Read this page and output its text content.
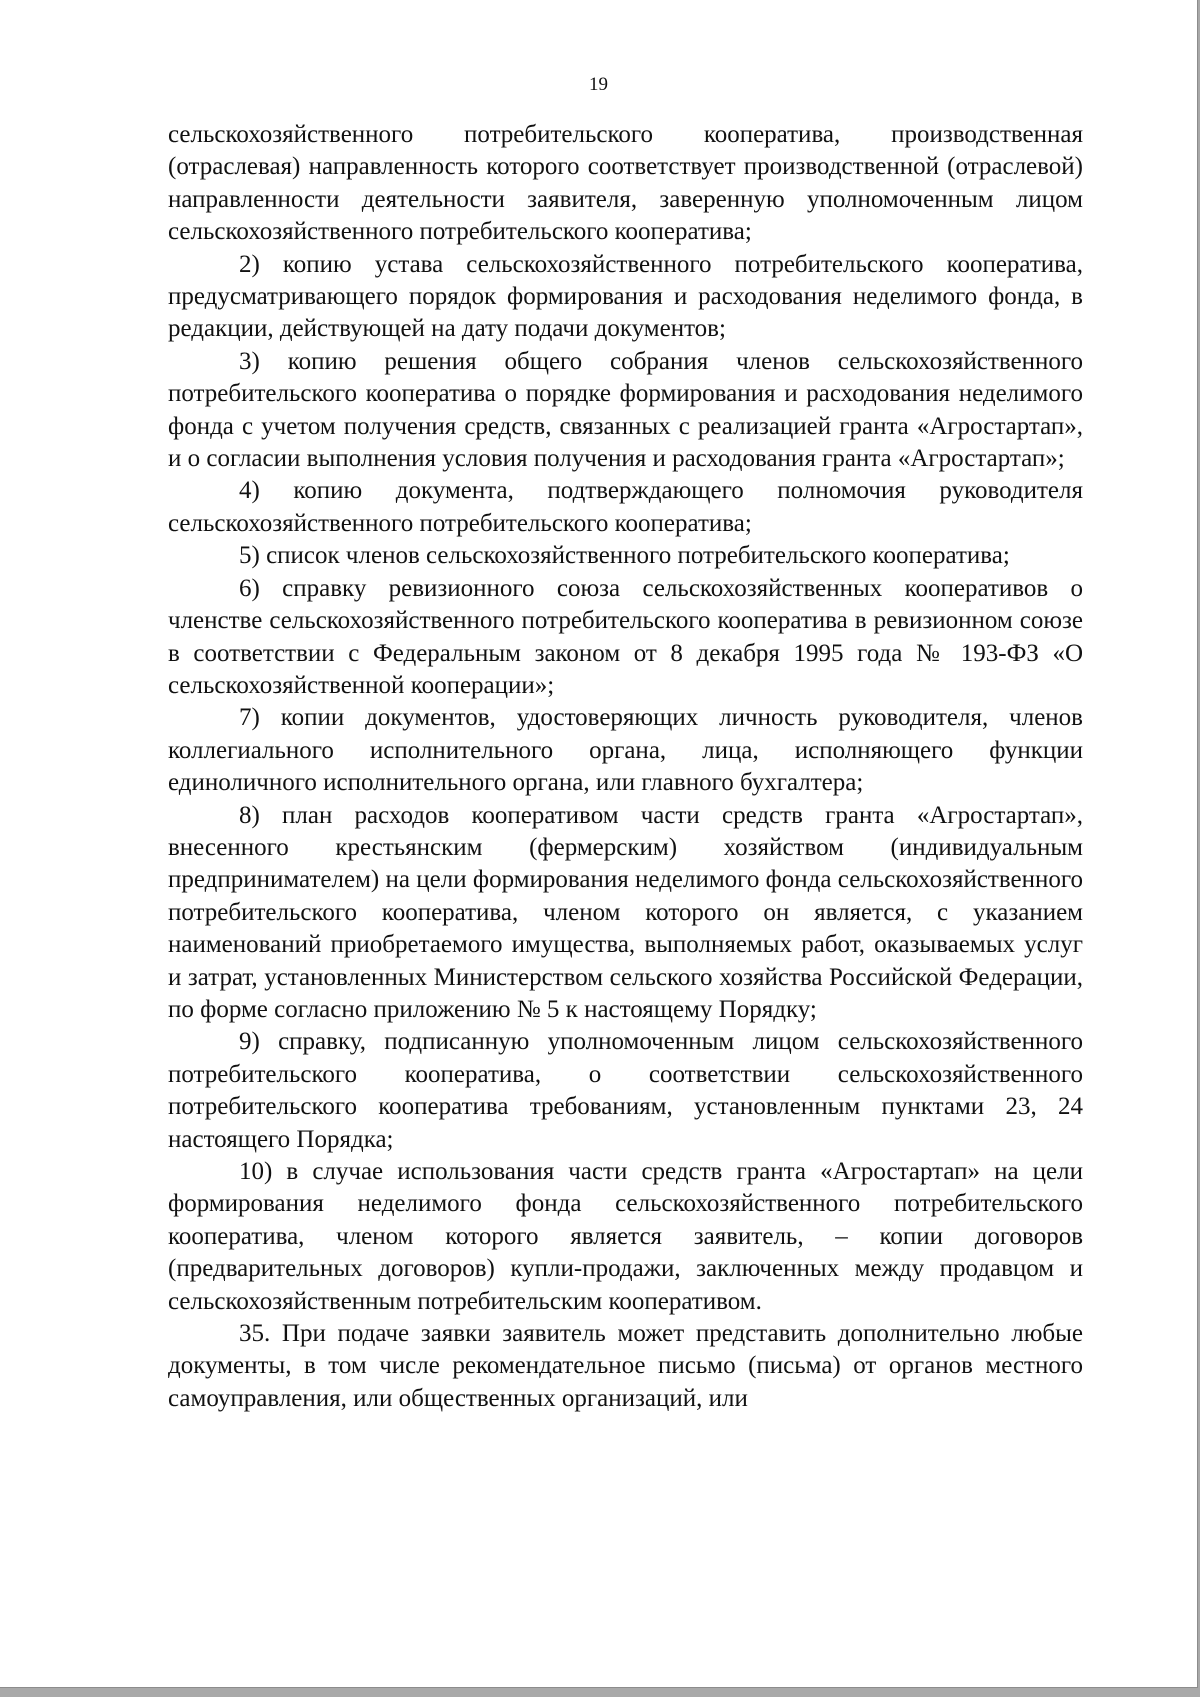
19

сельскохозяйственного потребительского кооператива, производственная (отраслевая) направленность которого соответствует производственной (отраслевой) направленности деятельности заявителя, заверенную уполномоченным лицом сельскохозяйственного потребительского кооператива;

2) копию устава сельскохозяйственного потребительского кооператива, предусматривающего порядок формирования и расходования неделимого фонда, в редакции, действующей на дату подачи документов;

3) копию решения общего собрания членов сельскохозяйственного потребительского кооператива о порядке формирования и расходования неделимого фонда с учетом получения средств, связанных с реализацией гранта «Агростартап», и о согласии выполнения условия получения и расходования гранта «Агростартап»;

4) копию документа, подтверждающего полномочия руководителя сельскохозяйственного потребительского кооператива;

5) список членов сельскохозяйственного потребительского кооператива;

6) справку ревизионного союза сельскохозяйственных кооперативов о членстве сельскохозяйственного потребительского кооператива в ревизионном союзе в соответствии с Федеральным законом от 8 декабря 1995 года № 193-ФЗ «О сельскохозяйственной кооперации»;

7) копии документов, удостоверяющих личность руководителя, членов коллегиального исполнительного органа, лица, исполняющего функции единоличного исполнительного органа, или главного бухгалтера;

8) план расходов кооперативом части средств гранта «Агростартап», внесенного крестьянским (фермерским) хозяйством (индивидуальным предпринимателем) на цели формирования неделимого фонда сельскохозяйственного потребительского кооператива, членом которого он является, с указанием наименований приобретаемого имущества, выполняемых работ, оказываемых услуг и затрат, установленных Министерством сельского хозяйства Российской Федерации, по форме согласно приложению № 5 к настоящему Порядку;

9) справку, подписанную уполномоченным лицом сельскохозяйственного потребительского кооператива, о соответствии сельскохозяйственного потребительского кооператива требованиям, установленным пунктами 23, 24 настоящего Порядка;

10) в случае использования части средств гранта «Агростартап» на цели формирования неделимого фонда сельскохозяйственного потребительского кооператива, членом которого является заявитель, – копии договоров (предварительных договоров) купли-продажи, заключенных между продавцом и сельскохозяйственным потребительским кооперативом.

35. При подаче заявки заявитель может представить дополнительно любые документы, в том числе рекомендательное письмо (письма) от органов местного самоуправления, или общественных организаций, или
